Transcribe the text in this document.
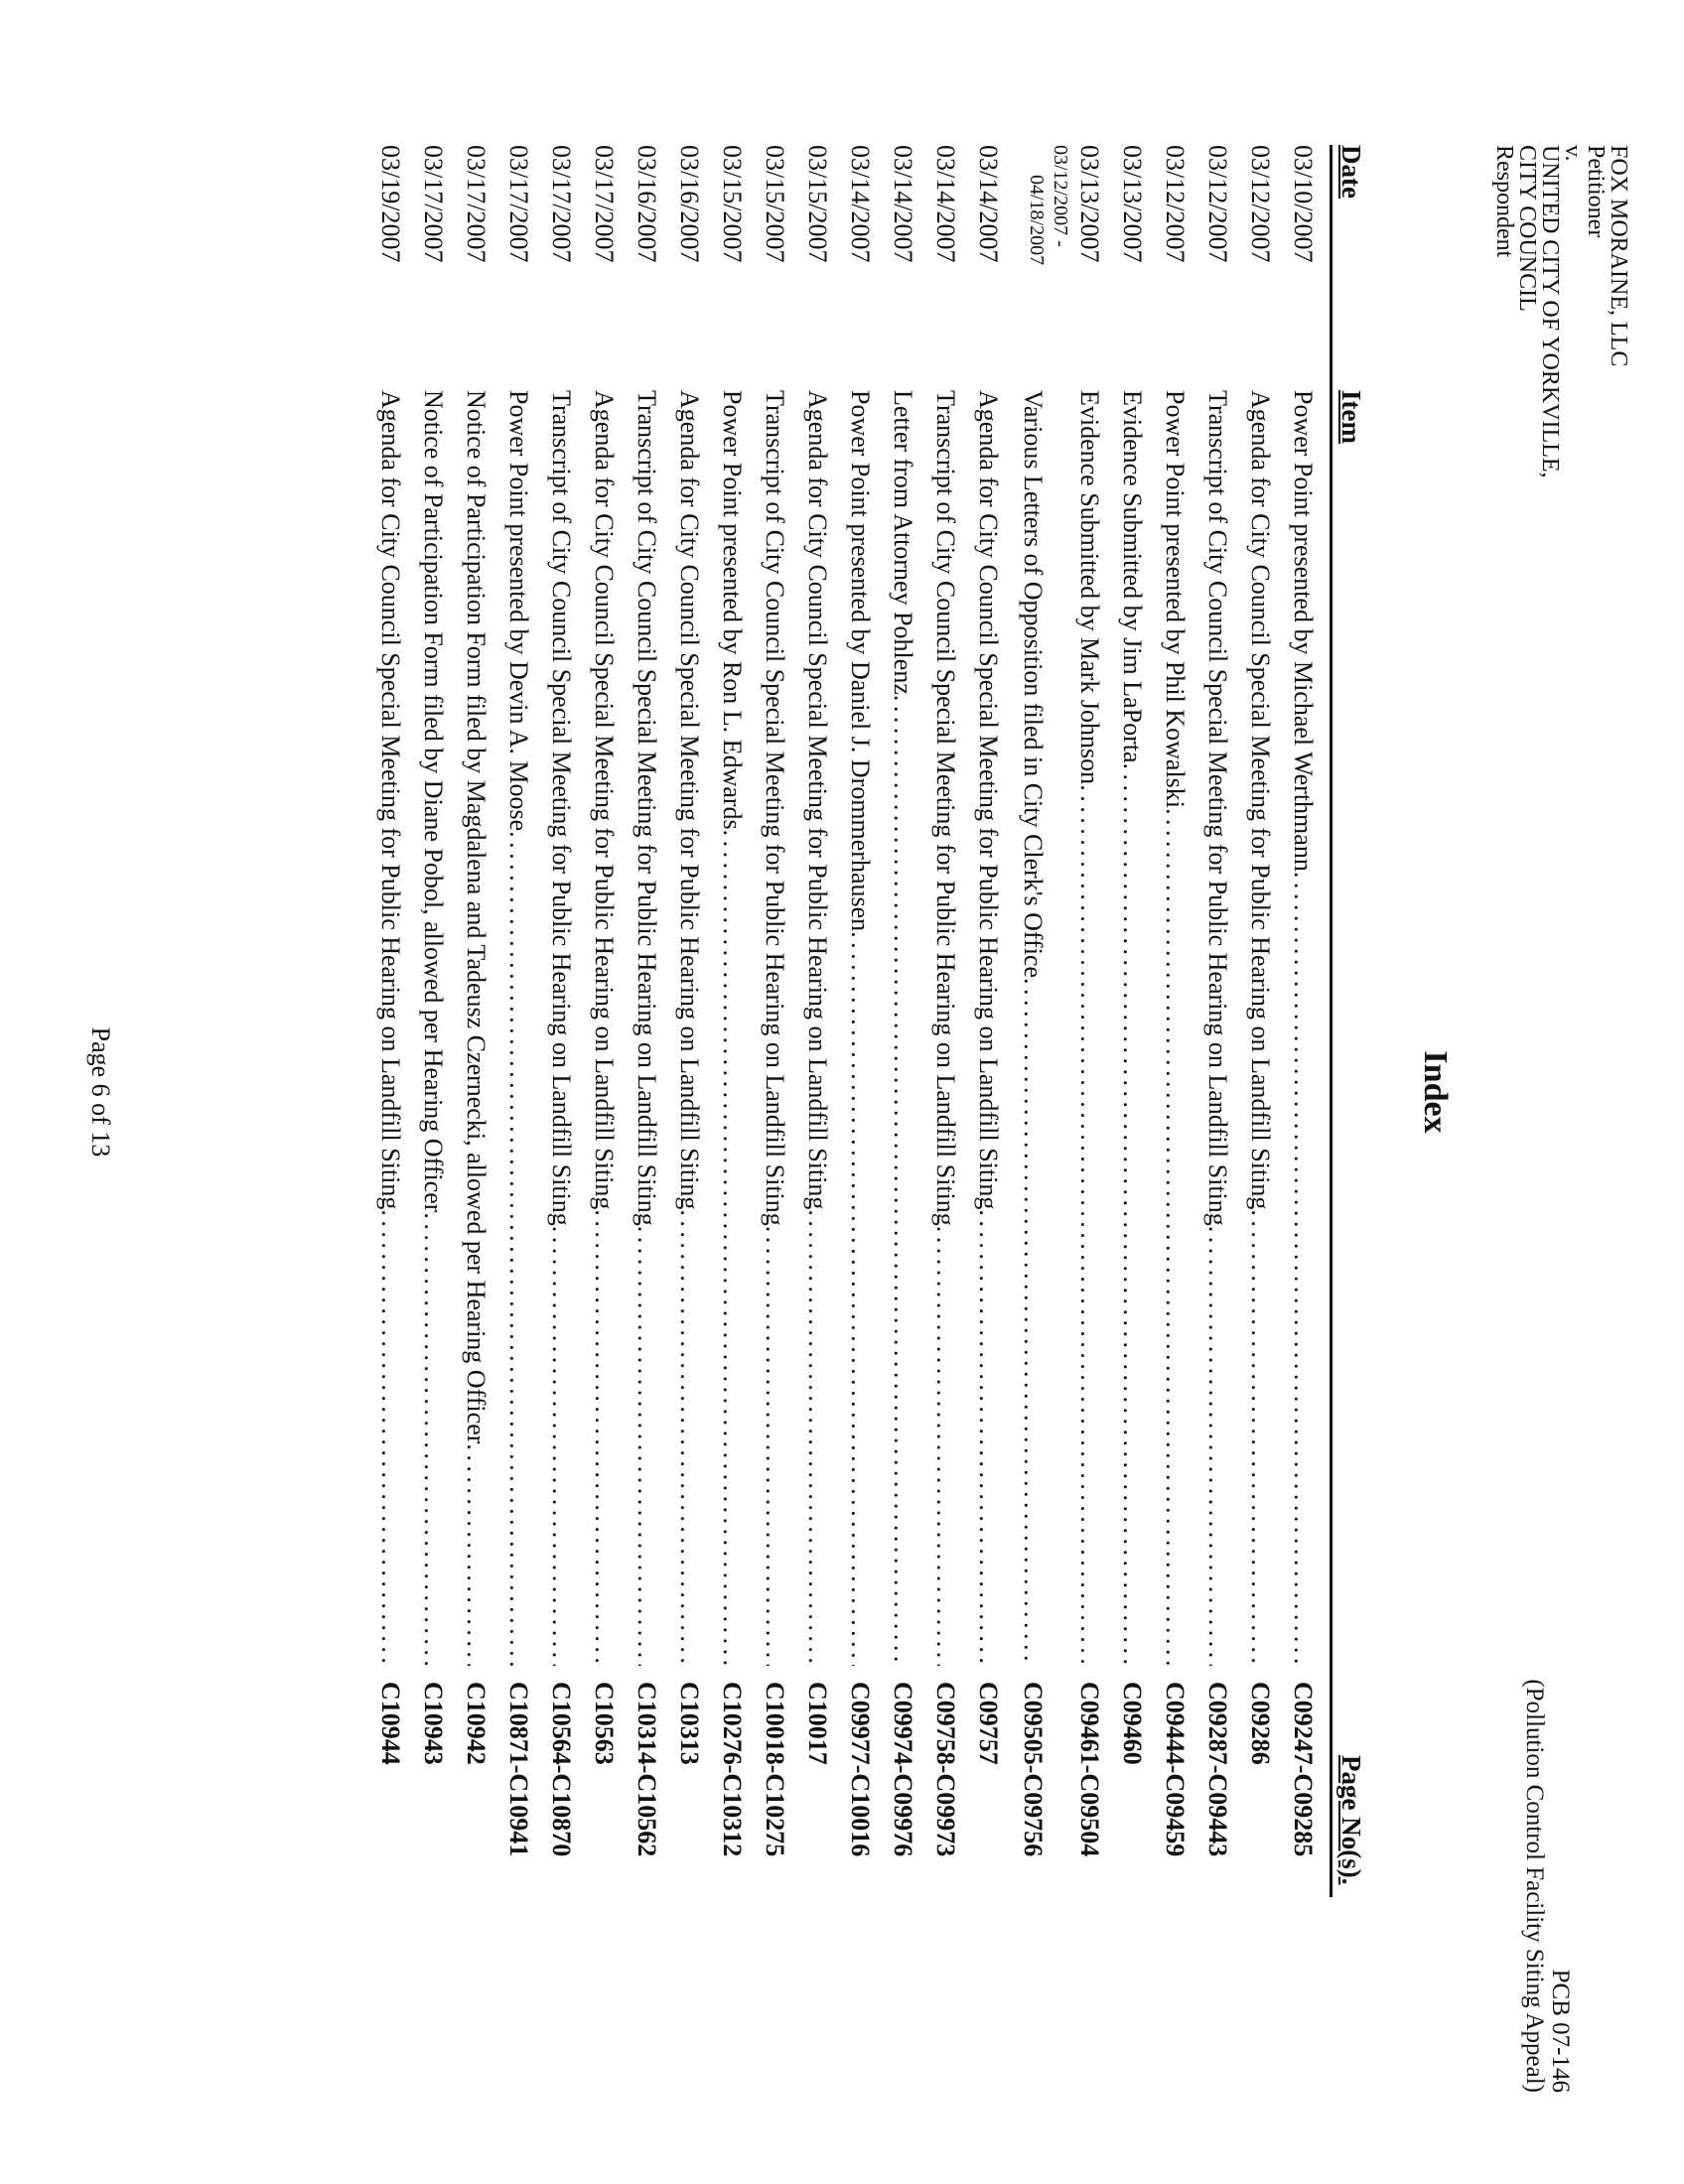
FOX MORAINE, LLC
Petitioner
v.
UNITED CITY OF YORKVILLE,
CITY COUNCIL
Respondent
PCB 07-146
(Pollution Control Facility Siting Appeal)
Index
Date
Item
Page No(s).
03/10/2007
Power Point presented by Michael Werthmann
. . .
C09247-C09285
03/12/2007
Agenda for City Council Special Meeting for Public Hearing on Landfill Siting
. . .
C09286
03/12/2007
Transcript of City Council Special Meeting for Public Hearing on Landfill Siting
. . .
C09287-C09443
03/12/2007
Power Point presented by Phil Kowalski
. . .
C09444-C09459
03/13/2007
Evidence Submitted by Jim LaPorta
. . .
C09460
03/13/2007
Evidence Submitted by Mark Johnson
. . .
C09461-C09504
03/12/2007 -
04/18/2007
Various Letters of Opposition filed in City Clerk's Office
. . .
C09505-C09756
03/14/2007
Agenda for City Council Special Meeting for Public Hearing on Landfill Siting
. . .
C09757
03/14/2007
Transcript of City Council Special Meeting for Public Hearing on Landfill Siting
. . .
C09758-C09973
03/14/2007
Letter from Attorney Pohlenz
. . .
C09974-C09976
03/14/2007
Power Point presented by Daniel J. Drommerhausen
. . .
C09977-C10016
03/15/2007
Agenda for City Council Special Meeting for Public Hearing on Landfill Siting
. . .
C10017
03/15/2007
Transcript of City Council Special Meeting for Public Hearing on Landfill Siting
. . .
C10018-C10275
03/15/2007
Power Point presented by Ron L. Edwards
. . .
C10276-C10312
03/16/2007
Agenda for City Council Special Meeting for Public Hearing on Landfill Siting
. . .
C10313
03/16/2007
Transcript of City Council Special Meeting for Public Hearing on Landfill Siting
. . .
C10314-C10562
03/17/2007
Agenda for City Council Special Meeting for Public Hearing on Landfill Siting
. . .
C10563
03/17/2007
Transcript of City Council Special Meeting for Public Hearing on Landfill Siting
. . .
C10564-C10870
03/17/2007
Power Point presented by Devin A. Moose
. . .
C10871-C10941
03/17/2007
Notice of Participation Form filed by Magdalena and Tadeusz Czernecki, allowed per Hearing Officer
. . .
C10942
03/17/2007
Notice of Participation Form filed by Diane Pobol, allowed per Hearing Officer
. . .
C10943
03/19/2007
Agenda for City Council Special Meeting for Public Hearing on Landfill Siting
. . .
C10944
Page 6 of 13
